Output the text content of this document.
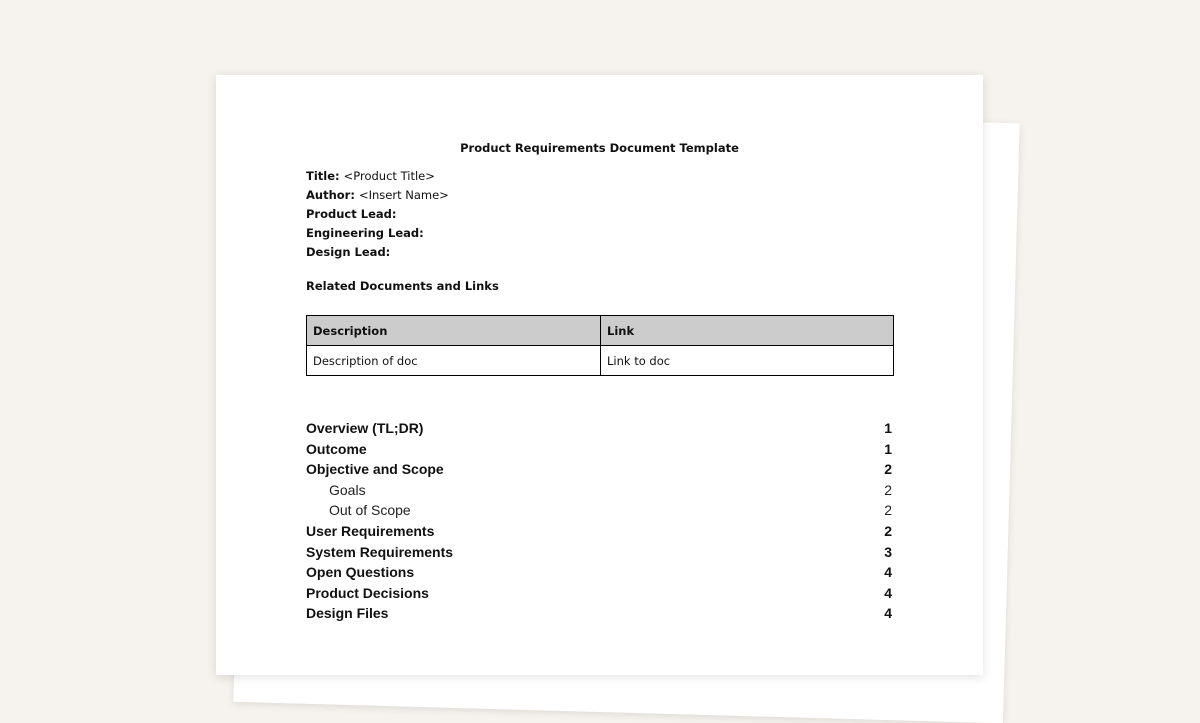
Product Requirements Document Template
Title: <Product Title>
Author: <Insert Name>
Product Lead:
Engineering Lead:
Design Lead:
Related Documents and Links
Description	Link
Description of doc	Link to doc
Overview (TL;DR)	1
Outcome	1
Objective and Scope	2
Goals	2
Out of Scope	2
User Requirements	2
System Requirements	3
Open Questions	4
Product Decisions	4
Design Files	4
